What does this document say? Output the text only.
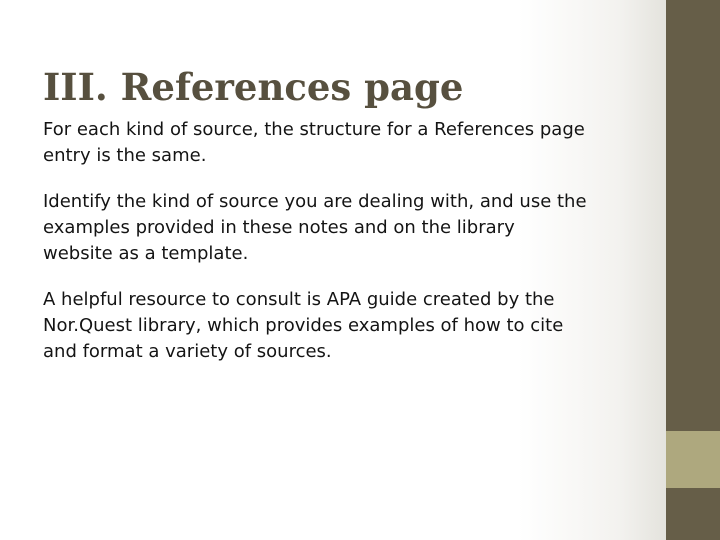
III. References page

For each kind of source, the structure for a References page
entry is the same.

Identify the kind of source you are dealing with, and use the
examples provided in these notes and on the library
website as a template.

A helpful resource to consult is APA guide created by the
Nor.Quest library, which provides examples of how to cite
and format a variety of sources.
